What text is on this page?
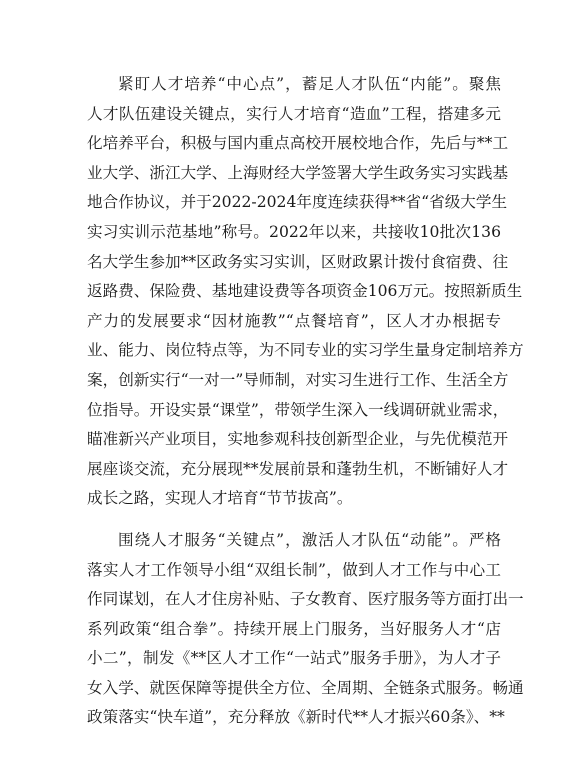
紧盯人才培养“中心点”，蓄足人才队伍“内能”。聚焦
人才队伍建设关键点，实行人才培育“造血”工程，搭建多元
化培养平台，积极与国内重点高校开展校地合作，先后与**工
业大学、浙江大学、上海财经大学签署大学生政务实习实践基
地合作协议，并于2022-2024年度连续获得**省“省级大学生
实习实训示范基地”称号。2022年以来，共接收10批次136
名大学生参加**区政务实习实训，区财政累计拨付食宿费、往
返路费、保险费、基地建设费等各项资金106万元。按照新质生
产力的发展要求“因材施教”“点餐培育”，区人才办根据专
业、能力、岗位特点等，为不同专业的实习学生量身定制培养方
案，创新实行“一对一”导师制，对实习生进行工作、生活全方
位指导。开设实景“课堂”，带领学生深入一线调研就业需求，
瞄准新兴产业项目，实地参观科技创新型企业，与先优模范开
展座谈交流，充分展现**发展前景和蓬勃生机，不断铺好人才
成长之路，实现人才培育“节节拔高”。

围绕人才服务“关键点”，激活人才队伍“动能”。严格
落实人才工作领导小组“双组长制”，做到人才工作与中心工
作同谋划，在人才住房补贴、子女教育、医疗服务等方面打出一
系列政策“组合拳”。持续开展上门服务，当好服务人才“店
小二”，制发《**区人才工作“一站式”服务手册》，为人才子
女入学、就医保障等提供全方位、全周期、全链条式服务。畅通
政策落实“快车道”，充分释放《新时代**人才振兴60条》、**
